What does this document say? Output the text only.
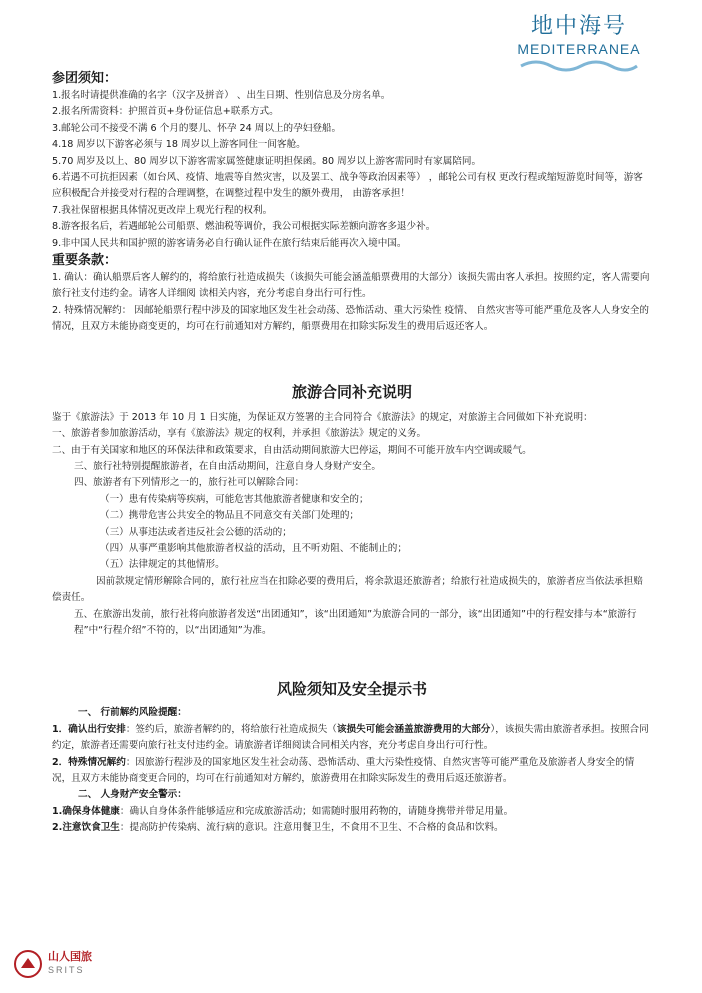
地中海号
MEDITERRANEA
参团须知：
1.报名时请提供准确的名字（汉字及拼音） 、出生日期、性别信息及分房名单。
2.报名所需资料：护照首页+身份证信息+联系方式。
3.邮轮公司不接受不满 6 个月的婴儿、怀孕 24 周以上的孕妇登船。
4.18 周岁以下游客必须与 18 周岁以上游客同住一间客舱。
5.70 周岁及以上、80 周岁以下游客需家属签健康证明担保函。80 周岁以上游客需同时有家属陪同。
6.若遇不可抗拒因素（如台风、疫情、地震等自然灾害，以及罢工、战争等政治因素等） ，邮轮公司有权 更改行程或缩短游览时间等，游客应积极配合并接受对行程的合理调整，在调整过程中发生的额外费用， 由游客承担！
7.我社保留根据具体情况更改岸上观光行程的权利。
8.游客报名后，若遇邮轮公司船票、燃油税等调价，我公司根据实际差额向游客多退少补。
9.非中国人民共和国护照的游客请务必自行确认证件在旅行结束后能再次入境中国。
重要条款：
1. 确认：确认船票后客人解约的，将给旅行社造成损失（该损失可能会涵盖船票费用的大部分）该损失需由客人承担。按照约定，客人需要向旅行社支付违约金。请客人详细阅 读相关内容，充分考虑自身出行可行性。
2. 特殊情况解约： 因邮轮船票行程中涉及的国家地区发生社会动荡、恐怖活动、重大污染性 疫情、 自然灾害等可能严重危及客人人身安全的情况，且双方未能协商变更的，均可在行前通知对方解约，船票费用在扣除实际发生的费用后返还客人。
旅游合同补充说明
鉴于《旅游法》于 2013 年 10 月 1 日实施，为保证双方签署的主合同符合《旅游法》的规定，对旅游主合同做如下补充说明：
一、旅游者参加旅游活动，享有《旅游法》规定的权利，并承担《旅游法》规定的义务。
二、由于有关国家和地区的环保法律和政策要求，自由活动期间旅游大巴停运，期间不可能开放车内空调或暖气。
三、旅行社特别提醒旅游者，在自由活动期间，注意自身人身财产安全。
四、旅游者有下列情形之一的，旅行社可以解除合同：
（一）患有传染病等疾病，可能危害其他旅游者健康和安全的；
（二）携带危害公共安全的物品且不同意交有关部门处理的；
（三）从事违法或者违反社会公德的活动的；
（四）从事严重影响其他旅游者权益的活动，且不听劝阻、不能制止的；
（五）法律规定的其他情形。
因前款规定情形解除合同的，旅行社应当在扣除必要的费用后，将余款退还旅游者；给旅行社造成损失的，旅游者应当依法承担赔偿责任。
五、在旅游出发前，旅行社将向旅游者发送“出团通知”，该“出团通知”为旅游合同的一部分，该“出团通知”中的行程安排与本“旅游行程”中“行程介绍”不符的，以“出团通知”为准。
风险须知及安全提示书
一、 行前解约风险提醒：
1．确认出行安排：签约后，旅游者解约的，将给旅行社造成损失（该损失可能会涵盖旅游费用的大部分），该损失需由旅游者承担。按照合同约定，旅游者还需要向旅行社支付违约金。请旅游者详细阅读合同相关内容，充分考虑自身出行可行性。
2．特殊情况解约：因旅游行程涉及的国家地区发生社会动荡、恐怖活动、重大污染性疫情、自然灾害等可能严重危及旅游者人身安全的情况，且双方未能协商变更合同的，均可在行前通知对方解约，旅游费用在扣除实际发生的费用后返还旅游者。
二、 人身财产安全警示：
1.确保身体健康：确认自身体条件能够适应和完成旅游活动；如需随时服用药物的，请随身携带并带足用量。
2.注意饮食卫生：提高防护传染病、流行病的意识。注意用餐卫生，不食用不卫生、不合格的食品和饮料。
山人国旅
SRITS
